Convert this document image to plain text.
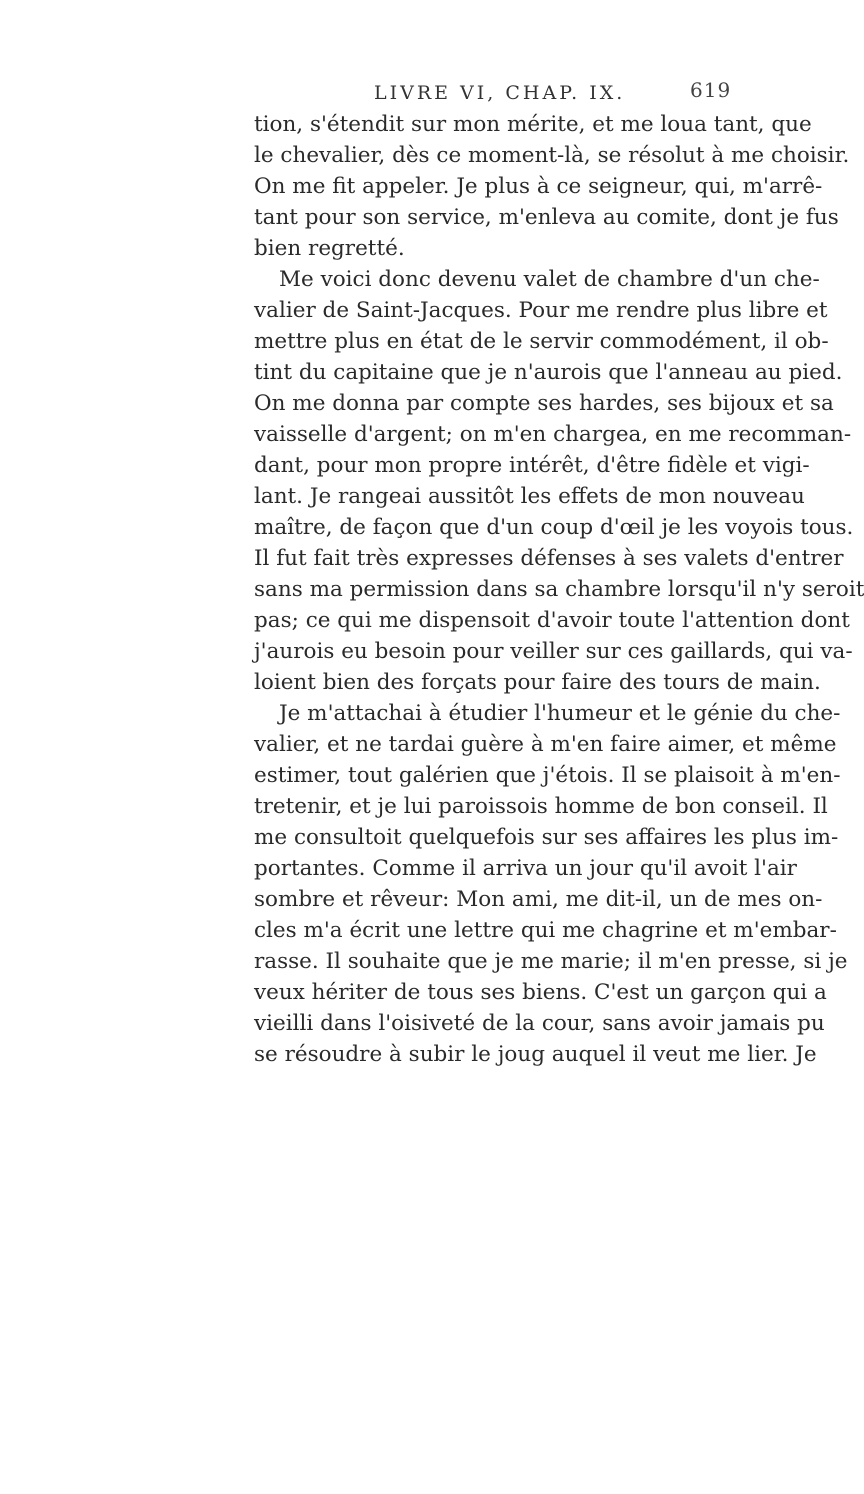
LIVRE VI, CHAP. IX.	619
tion, s'étendit sur mon mérite, et me loua tant, que
le chevalier, dès ce moment-là, se résolut à me choisir.
On me fit appeler. Je plus à ce seigneur, qui, m'arrê-
tant pour son service, m'enleva au comite, dont je fus
bien regretté.
Me voici donc devenu valet de chambre d'un che-
valier de Saint-Jacques. Pour me rendre plus libre et
mettre plus en état de le servir commodément, il ob-
tint du capitaine que je n'aurois que l'anneau au pied.
On me donna par compte ses hardes, ses bijoux et sa
vaisselle d'argent; on m'en chargea, en me recomman-
dant, pour mon propre intérêt, d'être fidèle et vigi-
lant. Je rangeai aussitôt les effets de mon nouveau
maître, de façon que d'un coup d'œil je les voyois tous.
Il fut fait très expresses défenses à ses valets d'entrer
sans ma permission dans sa chambre lorsqu'il n'y seroit
pas; ce qui me dispensoit d'avoir toute l'attention dont
j'aurois eu besoin pour veiller sur ces gaillards, qui va-
loient bien des forçats pour faire des tours de main.
Je m'attachai à étudier l'humeur et le génie du che-
valier, et ne tardai guère à m'en faire aimer, et même
estimer, tout galérien que j'étois. Il se plaisoit à m'en-
tretenir, et je lui paroissois homme de bon conseil. Il
me consultoit quelquefois sur ses affaires les plus im-
portantes. Comme il arriva un jour qu'il avoit l'air
sombre et rêveur: Mon ami, me dit-il, un de mes on-
cles m'a écrit une lettre qui me chagrine et m'embar-
rasse. Il souhaite que je me marie; il m'en presse, si je
veux hériter de tous ses biens. C'est un garçon qui a
vieilli dans l'oisiveté de la cour, sans avoir jamais pu
se résoudre à subir le joug auquel il veut me lier. Je
